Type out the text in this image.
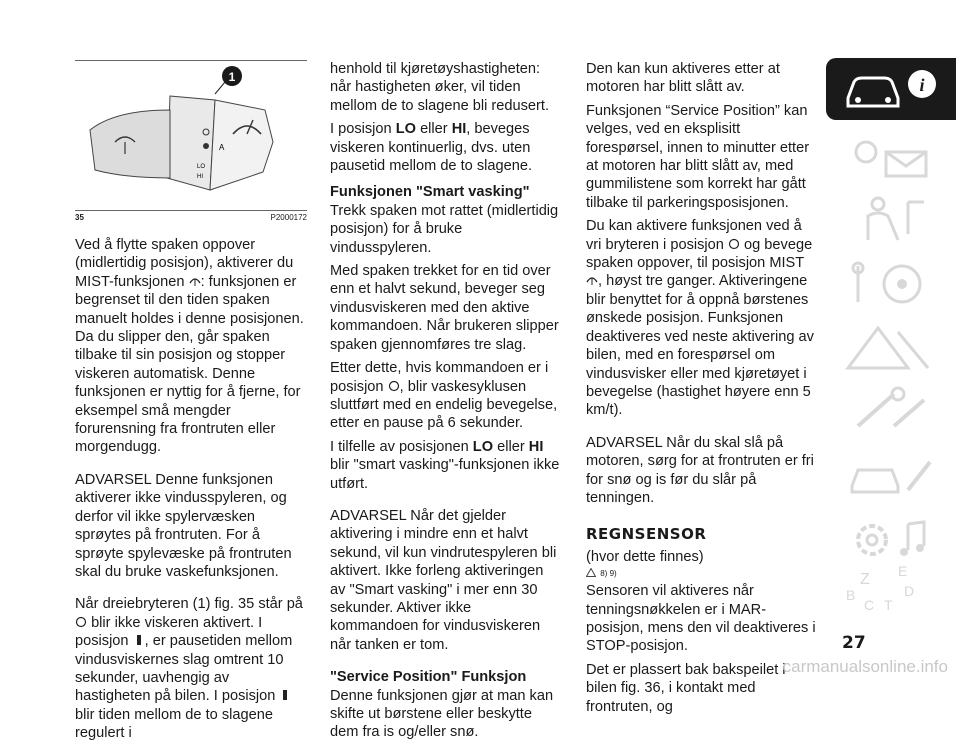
A
LO
HI
1
35	P2000172

Ved å flytte spaken oppover (midlertidig posisjon), aktiverer du MIST-funksjonen : funksjonen er begrenset til den tiden spaken manuelt holdes i denne posisjonen. Da du slipper den, går spaken tilbake til sin posisjon og stopper viskeren automatisk. Denne funksjonen er nyttig for å fjerne, for eksempel små mengder forurensning fra frontruten eller morgendugg.

ADVARSEL Denne funksjonen aktiverer ikke vindusspyleren, og derfor vil ikke spylervæsken sprøytes på frontruten. For å sprøyte spylevæske på frontruten skal du bruke vaskefunksjonen.

Når dreiebryteren (1) fig. 35 står på  blir ikke viskeren aktivert. I posisjon , er pausetiden mellom vindusviskernes slag omtrent 10 sekunder, uavhengig av hastigheten på bilen. I posisjon  blir tiden mellom de to slagene regulert i

henhold til kjøretøyshastigheten: når hastigheten øker, vil tiden mellom de to slagene bli redusert.

I posisjon LO eller HI, beveges viskeren kontinuerlig, dvs. uten pausetid mellom de to slagene.

Funksjonen "Smart vasking"

Trekk spaken mot rattet (midlertidig posisjon) for å bruke vindusspyleren.

Med spaken trekket for en tid over enn et halvt sekund, beveger seg vindusviskeren med den aktive kommandoen. Når brukeren slipper spaken gjennomføres tre slag.

Etter dette, hvis kommandoen er i posisjon , blir vaskesyklusen sluttført med en endelig bevegelse, etter en pause på 6 sekunder.

I tilfelle av posisjonen LO eller HI blir "smart vasking"-funksjonen ikke utført.

ADVARSEL Når det gjelder aktivering i mindre enn et halvt sekund, vil kun vindrutespyleren bli aktivert. Ikke forleng aktiveringen av "Smart vasking" i mer enn 30 sekunder. Aktiver ikke kommandoen for vindusviskeren når tanken er tom.

"Service Position" Funksjon

Denne funksjonen gjør at man kan skifte ut børstene eller beskytte dem fra is og/eller snø.

Den kan kun aktiveres etter at motoren har blitt slått av.

Funksjonen “Service Position” kan velges, ved en eksplisitt forespørsel, innen to minutter etter at motoren har blitt slått av, med gummilistene som korrekt har gått tilbake til parkeringsposisjonen.

Du kan aktivere funksjonen ved å vri bryteren i posisjon og bevege spaken oppover, til posisjon MIST , høyst tre ganger. Aktiveringene blir benyttet for å oppnå børstenes ønskede posisjon. Funksjonen deaktiveres ved neste aktivering av bilen, med en forespørsel om vindusvisker eller med kjøretøyet i bevegelse (hastighet høyere enn 5 km/t).

ADVARSEL Når du skal slå på motoren, sørg for at frontruten er fri for snø og is før du slår på tenningen.

REGNSENSOR

(hvor dette finnes)

8) 9)

Sensoren vil aktiveres når tenningsnøkkelen er i MAR-posisjon, mens den vil deaktiveres i STOP-posisjon.

Det er plassert bak bakspeilet i bilen fig. 36, i kontakt med frontruten, og

i
Z E
B
C T
D
27
carmanualsonline.info
